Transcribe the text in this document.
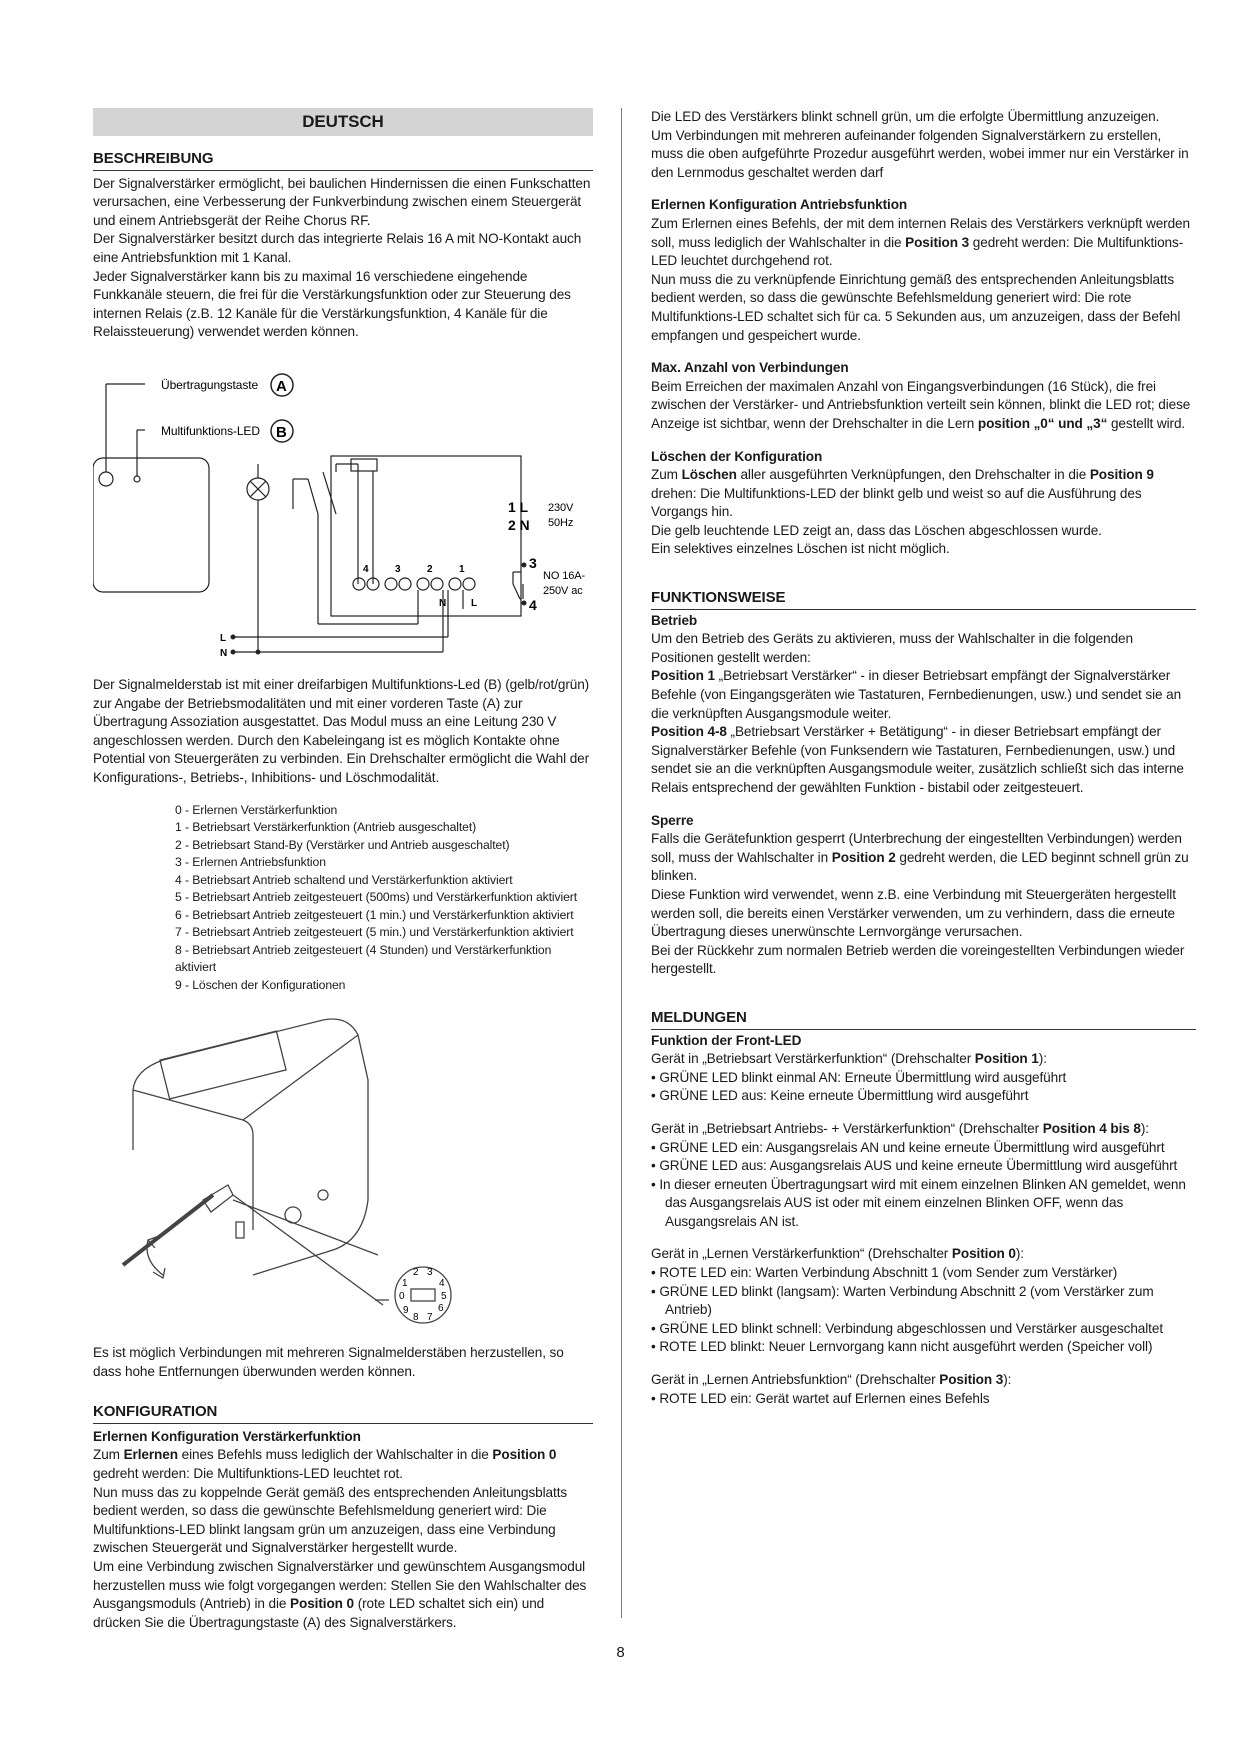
DEUTSCH
BESCHREIBUNG

Der Signalverstärker ermöglicht, bei baulichen Hindernissen die einen Funkschatten verursachen, eine Verbesserung der Funkverbindung zwischen einem Steuergerät und einem Antriebsgerät der Reihe Chorus RF.
Der Signalverstärker besitzt durch das integrierte Relais 16 A mit NO-Kontakt auch eine Antriebsfunktion mit 1 Kanal.
Jeder Signalverstärker kann bis zu maximal 16 verschiedene eingehende Funkkanäle steuern, die frei für die Verstärkungsfunktion oder zur Steuerung des internen Relais (z.B. 12 Kanäle für die Verstärkungsfunktion, 4 Kanäle für die Relaissteuerung) verwendet werden können.

Übertragungstaste
Multifunktions-LED
A
B
1 L
2 N
3
4
230V
50Hz
NO 16A-
250V ac
4	3	2	1
N L
L
N

Der Signalmelderstab ist mit einer dreifarbigen Multifunktions-Led (B) (gelb/rot/grün) zur Angabe der Betriebsmodalitäten und mit einer vorderen Taste (A) zur Übertragung Assoziation ausgestattet. Das Modul muss an eine Leitung 230 V angeschlossen werden. Durch den Kabeleingang ist es möglich Kontakte ohne Potential von Steuergeräten zu verbinden. Ein Drehschalter ermöglicht die Wahl der Konfigurations-, Betriebs-, Inhibitions- und Löschmodalität.

0 - Erlernen Verstärkerfunktion
1 - Betriebsart Verstärkerfunktion (Antrieb ausgeschaltet)
2 - Betriebsart Stand-By (Verstärker und Antrieb ausgeschaltet)
3 - Erlernen Antriebsfunktion
4 - Betriebsart Antrieb schaltend und Verstärkerfunktion aktiviert
5 - Betriebsart Antrieb zeitgesteuert (500ms) und Verstärkerfunktion aktiviert
6 - Betriebsart Antrieb zeitgesteuert (1 min.) und Verstärkerfunktion aktiviert
7 - Betriebsart Antrieb zeitgesteuert (5 min.) und Verstärkerfunktion aktiviert
8 - Betriebsart Antrieb zeitgesteuert (4 Stunden) und Verstärkerfunktion aktiviert
9 - Löschen der Konfigurationen
2 3
1	4
0	5
9	6
8 7

Es ist möglich Verbindungen mit mehreren Signalmelderstäben herzustellen, so dass hohe Entfernungen überwunden werden können.

KONFIGURATION
Erlernen Konfiguration Verstärkerfunktion

Zum Erlernen eines Befehls muss lediglich der Wahlschalter in die Position 0 gedreht werden: Die Multifunktions-LED leuchtet rot.

Nun muss das zu koppelnde Gerät gemäß des entsprechenden Anleitungsblatts bedient werden, so dass die gewünschte Befehlsmeldung generiert wird: Die Multifunktions-LED blinkt langsam grün um anzuzeigen, dass eine Verbindung zwischen Steuergerät und Signalverstärker hergestellt wurde.

Um eine Verbindung zwischen Signalverstärker und gewünschtem Ausgangsmodul herzustellen muss wie folgt vorgegangen werden: Stellen Sie den Wahlschalter des Ausgangsmoduls (Antrieb) in die Position 0 (rote LED schaltet sich ein) und drücken Sie die Übertragungstaste (A) des Signalverstärkers.

Die LED des Verstärkers blinkt schnell grün, um die erfolgte Übermittlung anzuzeigen.

Um Verbindungen mit mehreren aufeinander folgenden Signalverstärkern zu erstellen, muss die oben aufgeführte Prozedur ausgeführt werden, wobei immer nur ein Verstärker in den Lernmodus geschaltet werden darf

Erlernen Konfiguration Antriebsfunktion

Zum Erlernen eines Befehls, der mit dem internen Relais des Verstärkers verknüpft werden soll, muss lediglich der Wahlschalter in die Position 3 gedreht werden: Die Multifunktions-LED leuchtet durchgehend rot.

Nun muss die zu verknüpfende Einrichtung gemäß des entsprechenden Anleitungsblatts bedient werden, so dass die gewünschte Befehlsmeldung generiert wird: Die rote Multifunktions-LED schaltet sich für ca. 5 Sekunden aus, um anzuzeigen, dass der Befehl empfangen und gespeichert wurde.

Max. Anzahl von Verbindungen

Beim Erreichen der maximalen Anzahl von Eingangsverbindungen (16 Stück), die frei zwischen der Verstärker- und Antriebsfunktion verteilt sein können, blinkt die LED rot; diese Anzeige ist sichtbar, wenn der Drehschalter in die Lern position „0“ und „3“ gestellt wird.

Löschen der Konfiguration

Zum Löschen aller ausgeführten Verknüpfungen, den Drehschalter in die Position 9 drehen: Die Multifunktions-LED der blinkt gelb und weist so auf die Ausführung des Vorgangs hin.

Die gelb leuchtende LED zeigt an, dass das Löschen abgeschlossen wurde.

Ein selektives einzelnes Löschen ist nicht möglich.

FUNKTIONSWEISE
Betrieb

Um den Betrieb des Geräts zu aktivieren, muss der Wahlschalter in die folgenden Positionen gestellt werden:

Position 1 „Betriebsart Verstärker“ - in dieser Betriebsart empfängt der Signalverstärker Befehle (von Eingangsgeräten wie Tastaturen, Fernbedienungen, usw.) und sendet sie an die verknüpften Ausgangsmodule weiter.

Position 4-8 „Betriebsart Verstärker + Betätigung“ - in dieser Betriebsart empfängt der Signalverstärker Befehle (von Funksendern wie Tastaturen, Fernbedienungen, usw.) und sendet sie an die verknüpften Ausgangsmodule weiter, zusätzlich schließt sich das interne Relais entsprechend der gewählten Funktion - bistabil oder zeitgesteuert.

Sperre

Falls die Gerätefunktion gesperrt (Unterbrechung der eingestellten Verbindungen) werden soll, muss der Wahlschalter in Position 2 gedreht werden, die LED beginnt schnell grün zu blinken.

Diese Funktion wird verwendet, wenn z.B. eine Verbindung mit Steuergeräten hergestellt werden soll, die bereits einen Verstärker verwenden, um zu verhindern, dass die erneute Übertragung dieses unerwünschte Lernvorgänge verursachen.

Bei der Rückkehr zum normalen Betrieb werden die voreingestellten Verbindungen wieder hergestellt.

MELDUNGEN
Funktion der Front-LED

Gerät in „Betriebsart Verstärkerfunktion“ (Drehschalter Position 1):

• GRÜNE LED blinkt einmal AN: Erneute Übermittlung wird ausgeführt
• GRÜNE LED aus: Keine erneute Übermittlung wird ausgeführt

Gerät in „Betriebsart Antriebs- + Verstärkerfunktion“ (Drehschalter Position 4 bis 8):

• GRÜNE LED ein: Ausgangsrelais AN und keine erneute Übermittlung wird ausgeführt
• GRÜNE LED aus: Ausgangsrelais AUS und keine erneute Übermittlung wird ausgeführt
• In dieser erneuten Übertragungsart wird mit einem einzelnen Blinken AN gemeldet, wenn das Ausgangsrelais AUS ist oder mit einem einzelnen Blinken OFF, wenn das Ausgangsrelais AN ist.

Gerät in „Lernen Verstärkerfunktion“ (Drehschalter Position 0):

• ROTE LED ein: Warten Verbindung Abschnitt 1 (vom Sender zum Verstärker)
• GRÜNE LED blinkt (langsam): Warten Verbindung Abschnitt 2 (vom Verstärker zum Antrieb)
• GRÜNE LED blinkt schnell: Verbindung abgeschlossen und Verstärker ausgeschaltet
• ROTE LED blinkt: Neuer Lernvorgang kann nicht ausgeführt werden (Speicher voll)

Gerät in „Lernen Antriebsfunktion“ (Drehschalter Position 3):

• ROTE LED ein: Gerät wartet auf Erlernen eines Befehls
8
